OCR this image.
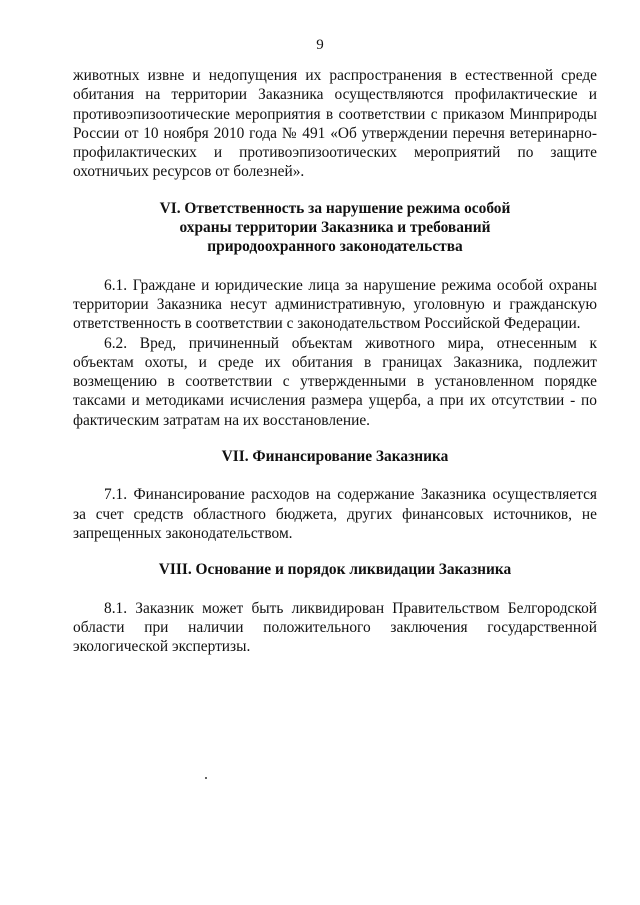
9

животных извне и недопущения их распространения в естественной среде обитания на территории Заказника осуществляются профилактические и противоэпизоотические мероприятия в соответствии с приказом Минприроды России от 10 ноября 2010 года № 491 «Об утверждении перечня ветеринарно-профилактических и противоэпизоотических мероприятий по защите охотничьих ресурсов от болезней».

VI. Ответственность за нарушение режима особой

охраны территории Заказника и требований

природоохранного законодательства

6.1. Граждане и юридические лица за нарушение режима особой охраны территории Заказника несут административную, уголовную и гражданскую ответственность в соответствии с законодательством Российской Федерации.

6.2. Вред, причиненный объектам животного мира, отнесенным к объектам охоты, и среде их обитания в границах Заказника, подлежит возмещению в соответствии с утвержденными в установленном порядке таксами и методиками исчисления размера ущерба, а при их отсутствии - по фактическим затратам на их восстановление.

VII. Финансирование Заказника

7.1. Финансирование расходов на содержание Заказника осуществляется за счет средств областного бюджета, других финансовых источников, не запрещенных законодательством.

VIII. Основание и порядок ликвидации Заказника

8.1. Заказник может быть ликвидирован Правительством Белгородской области при наличии положительного заключения государственной экологической экспертизы.
